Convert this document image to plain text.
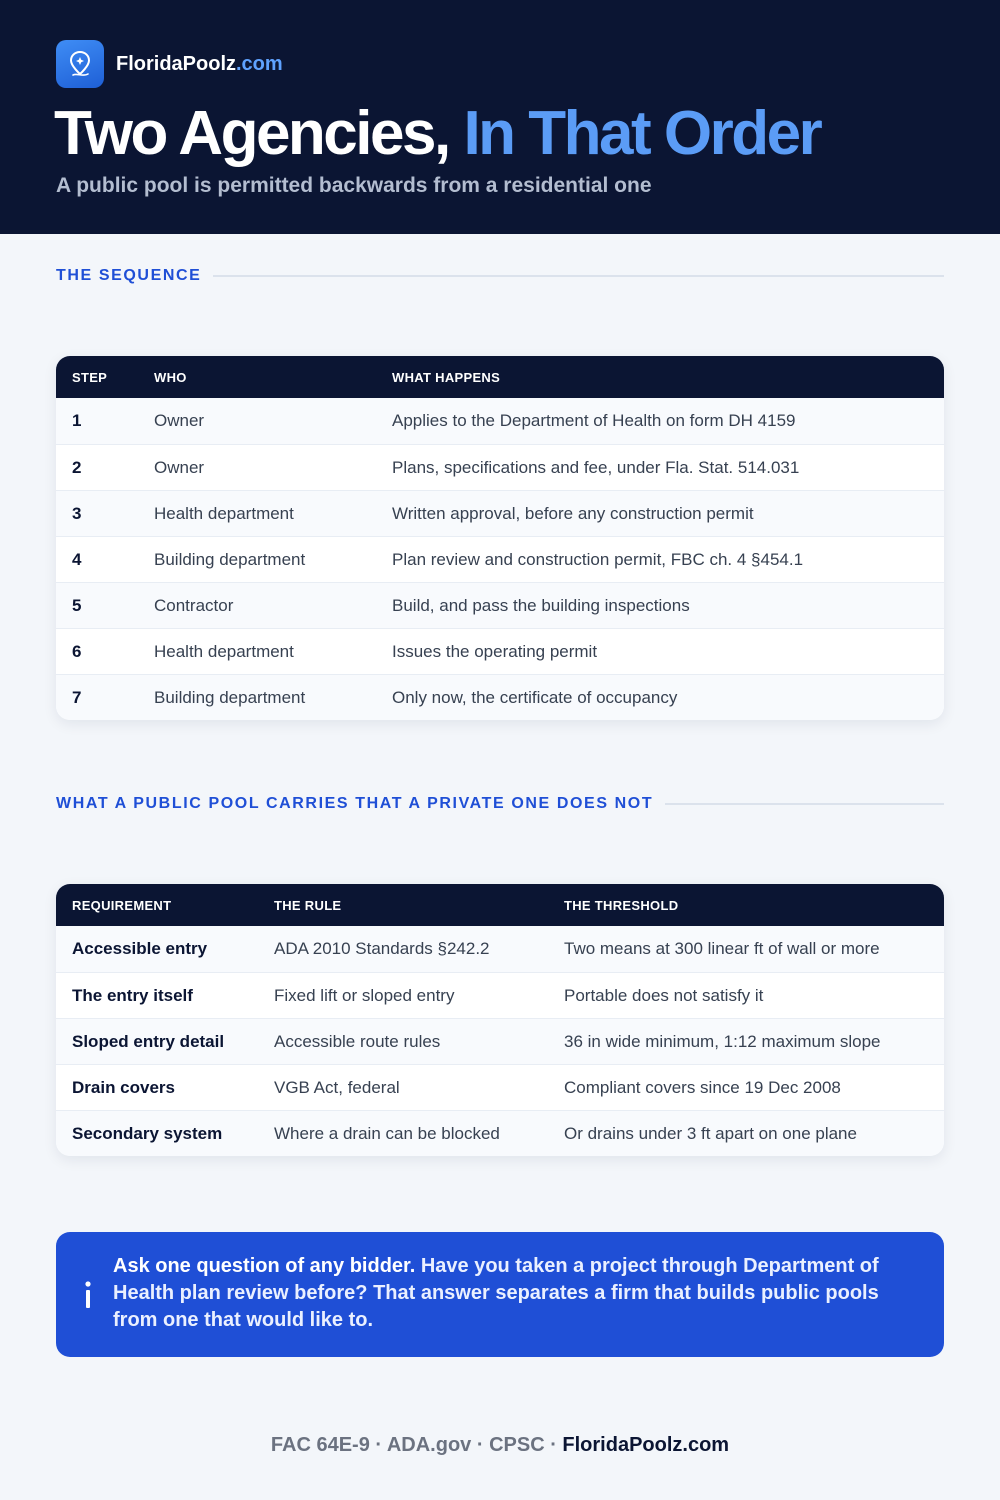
FloridaPoolz.com
Two Agencies, In That Order
A public pool is permitted backwards from a residential one
THE SEQUENCE
STEP	WHO	WHAT HAPPENS
1	Owner	Applies to the Department of Health on form DH 4159
2	Owner	Plans, specifications and fee, under Fla. Stat. 514.031
3	Health department	Written approval, before any construction permit
4	Building department	Plan review and construction permit, FBC ch. 4 §454.1
5	Contractor	Build, and pass the building inspections
6	Health department	Issues the operating permit
7	Building department	Only now, the certificate of occupancy
WHAT A PUBLIC POOL CARRIES THAT A PRIVATE ONE DOES NOT
REQUIREMENT	THE RULE	THE THRESHOLD
Accessible entry	ADA 2010 Standards §242.2	Two means at 300 linear ft of wall or more
The entry itself	Fixed lift or sloped entry	Portable does not satisfy it
Sloped entry detail	Accessible route rules	36 in wide minimum, 1:12 maximum slope
Drain covers	VGB Act, federal	Compliant covers since 19 Dec 2008
Secondary system	Where a drain can be blocked	Or drains under 3 ft apart on one plane
Ask one question of any bidder. Have you taken a project through Department of Health plan review before? That answer separates a firm that builds public pools from one that would like to.
FAC 64E-9 · ADA.gov · CPSC · FloridaPoolz.com
